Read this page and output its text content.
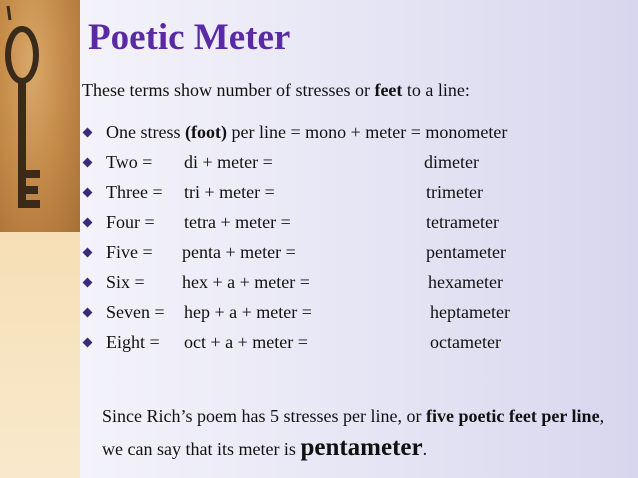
Poetic Meter
These terms show number of stresses or feet to a line:
One stress (foot) per line = mono + meter = monometer
Two = di + meter =	dimeter
Three = tri + meter =	trimeter
Four = tetra + meter =	tetrameter
Five = penta + meter =	pentameter
Six = hex + a + meter =	hexameter
Seven = hep + a + meter =	heptameter
Eight = oct + a + meter =	octameter
Since Rich’s poem has 5 stresses per line, or five poetic feet per line, we can say that its meter is pentameter.
